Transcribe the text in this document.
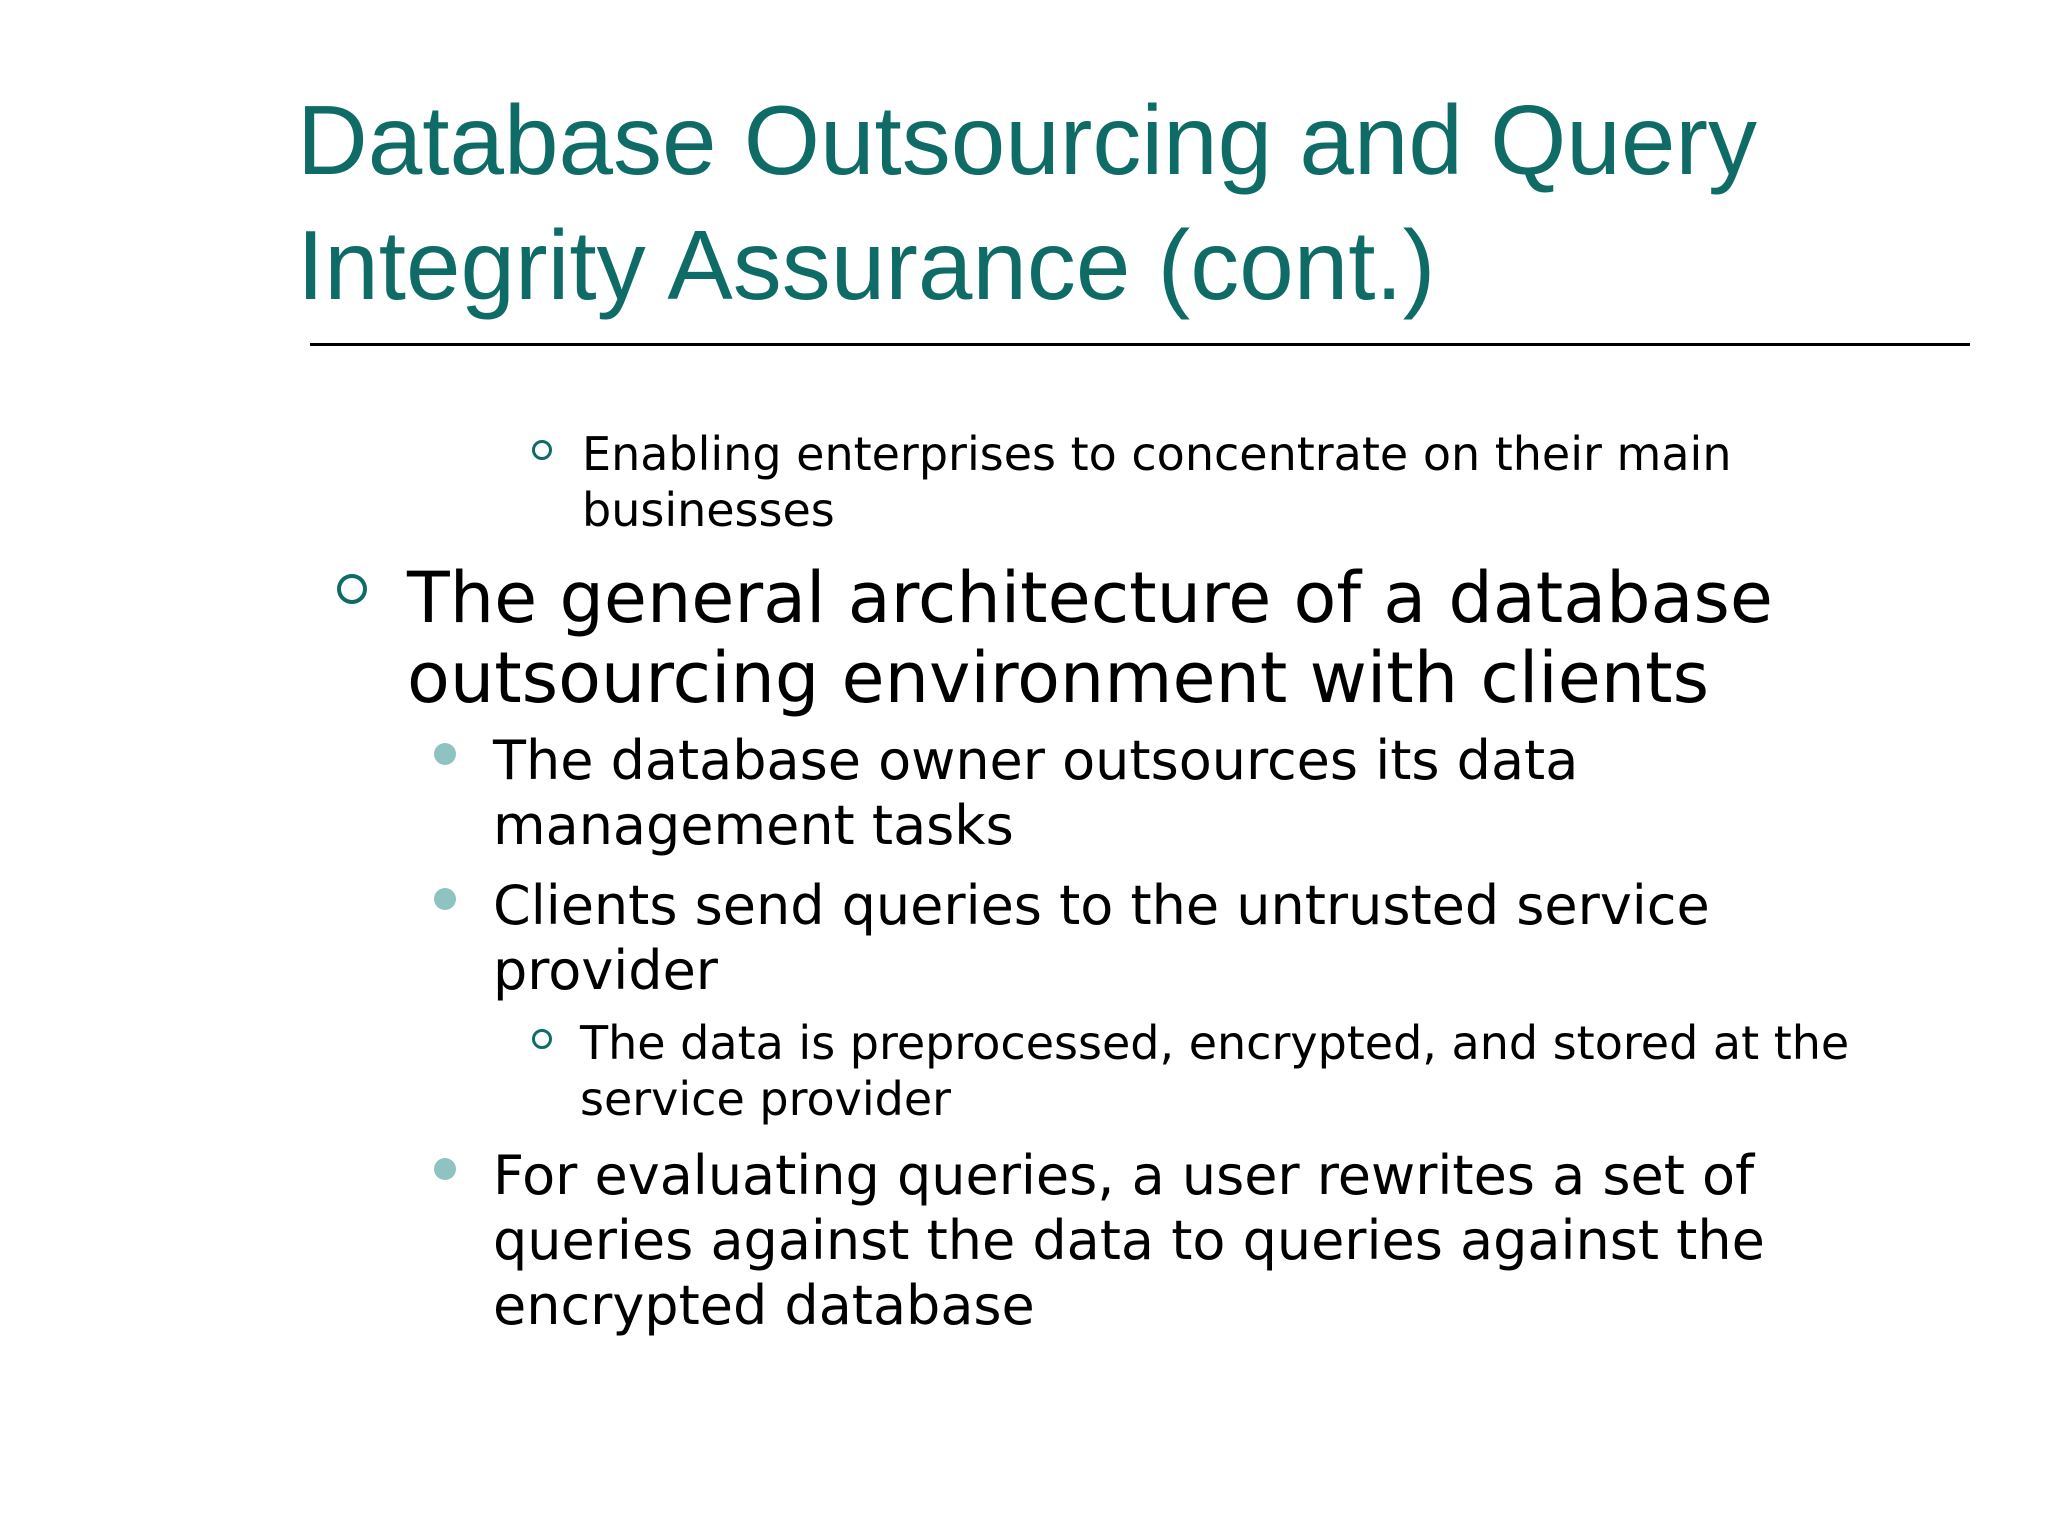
Database Outsourcing and Query
Integrity Assurance (cont.)
Enabling enterprises to concentrate on their main
businesses
The general architecture of a database
outsourcing environment with clients
The database owner outsources its data
management tasks
Clients send queries to the untrusted service
provider
The data is preprocessed, encrypted, and stored at the
service provider
For evaluating queries, a user rewrites a set of
queries against the data to queries against the
encrypted database
